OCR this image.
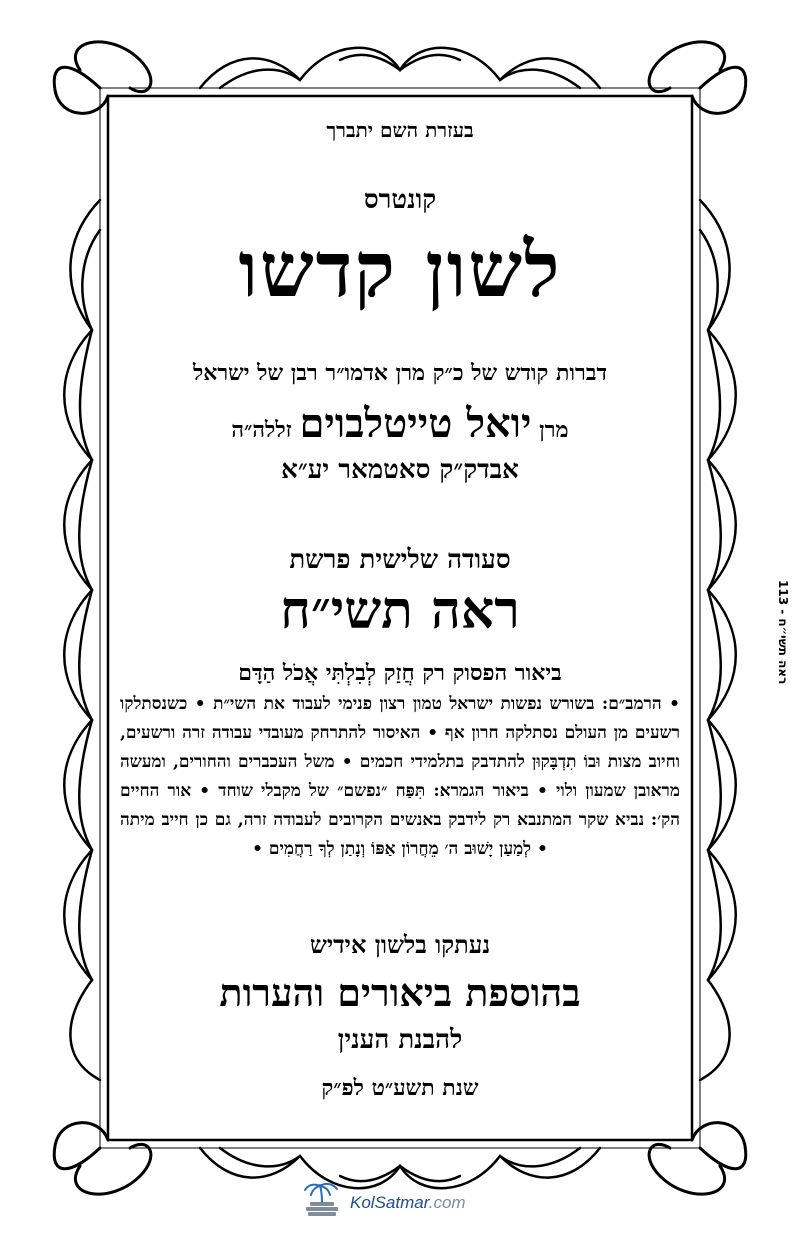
בעזרת השם יתברך
קונטרס
לשון קדשו
דברות קודש של כ״ק מרן אדמו״ר רבן של ישראל
מרן יואל טייטלבוים זללה״ה
אבדק״ק סאטמאר יע״א
סעודה שלישית פרשת
ראה תשי״ח
ביאור הפסוק רק חֲזַק לְבִלְתִּי אֲכֹל הַדָּם
• הרמב״ם: בשורש נפשות ישראל טמון רצון פנימי לעבוד את השי״ת • כשנסתלקו רשעים מן העולם נסתלקה חרון אף • האיסור להתרחק מעובדי עבודה זרה ורשעים, וחיוב מצות וּבוֹ תִדְבָּקוּן להתדבק בתלמידי חכמים • משל העכברים והחורים, ומעשה מראובן שמעון ולוי • ביאור הגמרא: תִּפַּח ״נפשם״ של מקבלי שוחד • אור החיים הק׳: נביא שקר המתנבא רק לידבק באנשים הקרובים לעבודה זרה, גם כן חייב מיתה • לְמַעַן יָשׁוּב ה׳ מֵחֲרוֹן אַפּוֹ וְנָתַן לְךָ רַחֲמִים •
נעתקו בלשון אידיש
בהוספת ביאורים והערות
להבנת הענין
שנת תשע״ט לפ״ק
ראה תשי״ח - 113
KolSatmar.com
